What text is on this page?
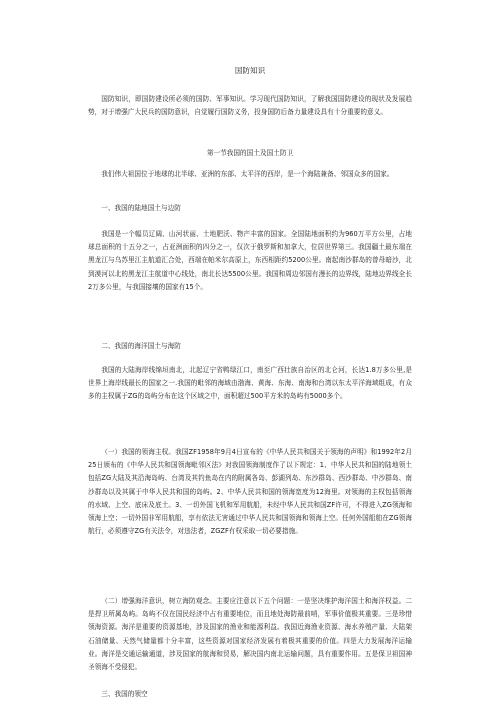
国防知识
国防知识，即国防建设所必须的国防、军事知识。学习现代国防知识，了解我国国防建设的现状及发展趋势，对于增强广大民兵的国防意识，自觉履行国防义务，投身国防后备力量建设具有十分重要的意义。
第一节我国的国土及国土防卫
我们伟大祖国位于地球的北半球、亚洲的东部、太平洋的西岸，是一个海陆兼备、邻国众多的国家。
一、我国的陆地国土与边防
我国是一个幅员辽阔、山河状丽、土地肥沃、物产丰富的国家。全国陆地面积约为960万平方公里，占地球总面积的十五分之一，占亚洲面积的四分之一，仅次于俄罗斯和加拿大，位居世界第三。我国疆土最东端在黑龙江与乌苏里江主航道汇合处，西端在帕米尔高原上，东西相距约5200公里。南起南沙群岛的曾母暗沙，北到漠河以北的黑龙江主航道中心线处，南北长达5500公里。我国和周边邻国有漫长的边界线，陆地边界线全长2万多公里，与我国接壤的国家有15个。
二、我国的海洋国土与海防
我国的大陆海岸线绵垣南北，北起辽宁省鸭绿江口，南至广西壮族自治区的北仑河，长达1.8万多公里,是世界上海岸线最长的国家之一.我国的毗邻的海域由渤海、黄海、东海、南海和台湾以东太平洋海域组成，有众多的主权属于ZG的岛屿分布在这个区域之中，面积超过500平方米的岛屿有5000多个。
（一）我国的领海主权。我国ZF1958年9月4日宣布的《中华人民共和国关于领海的声明》和1992年2月25日颁布的《中华人民共和国领海毗邻区法》对我国领海制度作了以下规定：1、中华人民共和国的陆地领土包括ZG大陆及其沿海岛屿、台湾及其钓鱼岛在内的附属各岛、彭湖列岛、东沙群岛、西沙群岛、中沙群岛、南沙群岛以及其属于中华人民共和国的岛屿。2、中华人民共和国的领海宽度为12海里。对领海的主权包括领海的水域、上空、底床及底土。3、一切外国飞机和军用航船，未经中华人民共和国ZF许可，不得进入ZG领海和领海上空；一切外国非军用航船，享有依法无害通过中华人民共和国领海和领海上空。任何外国船舶在ZG领海航行，必须遵守ZG有关法令，对违法者，ZGZF有权采取一切必要措施。
（二）增强海洋意识，树立海防观念。主要应注意以下五个问题：一是坚决维护海洋国土和海洋权益。二是捍卫所属岛屿。岛屿不仅在国民经济中占有重要地位，而且地处海防最前哨，军事价值极其重要。三是珍惜领海资源。海洋是重要的资源基地，涉及国家的渔业和能源利益。我国近海渔业资源、海水养殖产量、大陆架石油储量、天然气储量都十分丰富，这些资源对国家经济发展有着极其重要的价值。四是大力发展海洋运输业。海洋是交通运输通道，涉及国家的航海和贸易，解决国内南北运输问题，具有重要作用。五是保卫祖国神圣领海不受侵犯。
三、我国的领空
